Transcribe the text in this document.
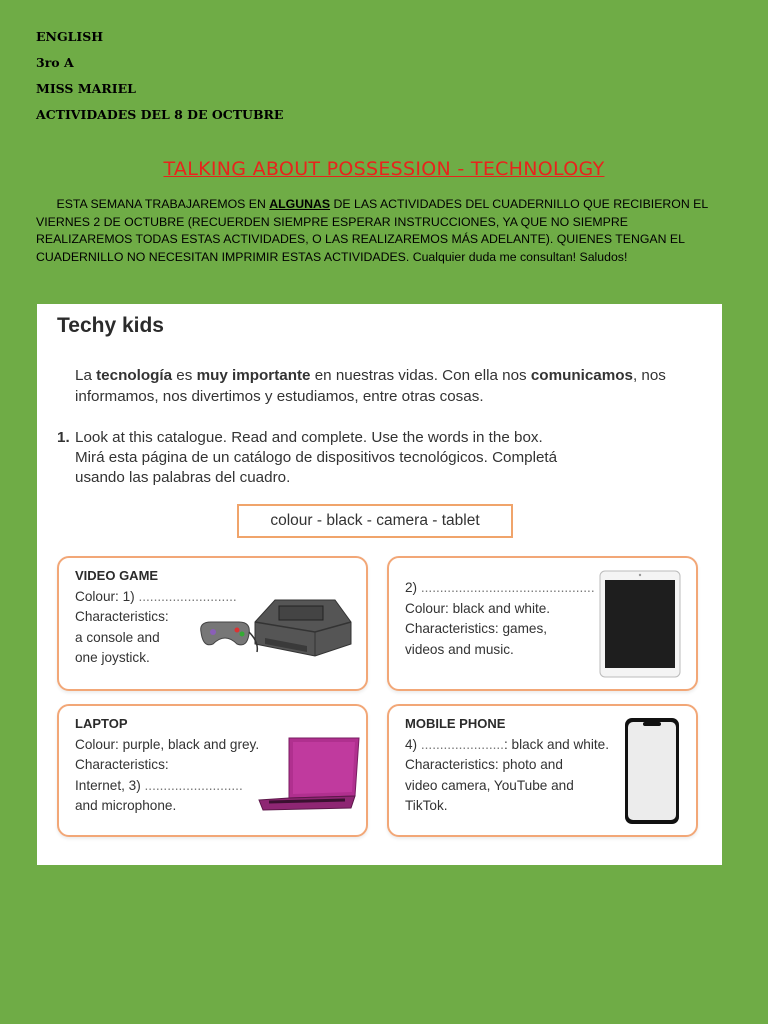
ENGLISH
3ro A
MISS MARIEL
ACTIVIDADES DEL 8 DE OCTUBRE
TALKING ABOUT POSSESSION - TECHNOLOGY
ESTA SEMANA TRABAJAREMOS EN ALGUNAS DE LAS ACTIVIDADES DEL CUADERNILLO QUE RECIBIERON EL VIERNES 2 DE OCTUBRE (RECUERDEN SIEMPRE ESPERAR INSTRUCCIONES, YA QUE NO SIEMPRE REALIZAREMOS TODAS ESTAS ACTIVIDADES, O LAS REALIZAREMOS MÁS ADELANTE). QUIENES TENGAN EL CUADERNILLO NO NECESITAN IMPRIMIR ESTAS ACTIVIDADES. Cualquier duda me consultan! Saludos!
Techy kids
La tecnología es muy importante en nuestras vidas. Con ella nos comunicamos, nos informamos, nos divertimos y estudiamos, entre otras cosas.
1. Look at this catalogue. Read and complete. Use the words in the box.
Mirá esta página de un catálogo de dispositivos tecnológicos. Completá
usando las palabras del cuadro.
colour - black - camera - tablet
VIDEO GAME
Colour: 1) ..........................
Characteristics:
a console and
one joystick.
2) ..............................................
Colour: black and white.
Characteristics: games,
videos and music.
LAPTOP
Colour: purple, black and grey.
Characteristics:
Internet, 3) ..........................
and microphone.
MOBILE PHONE
4) ......................: black and white.
Characteristics: photo and
video camera, YouTube and
TikTok.
